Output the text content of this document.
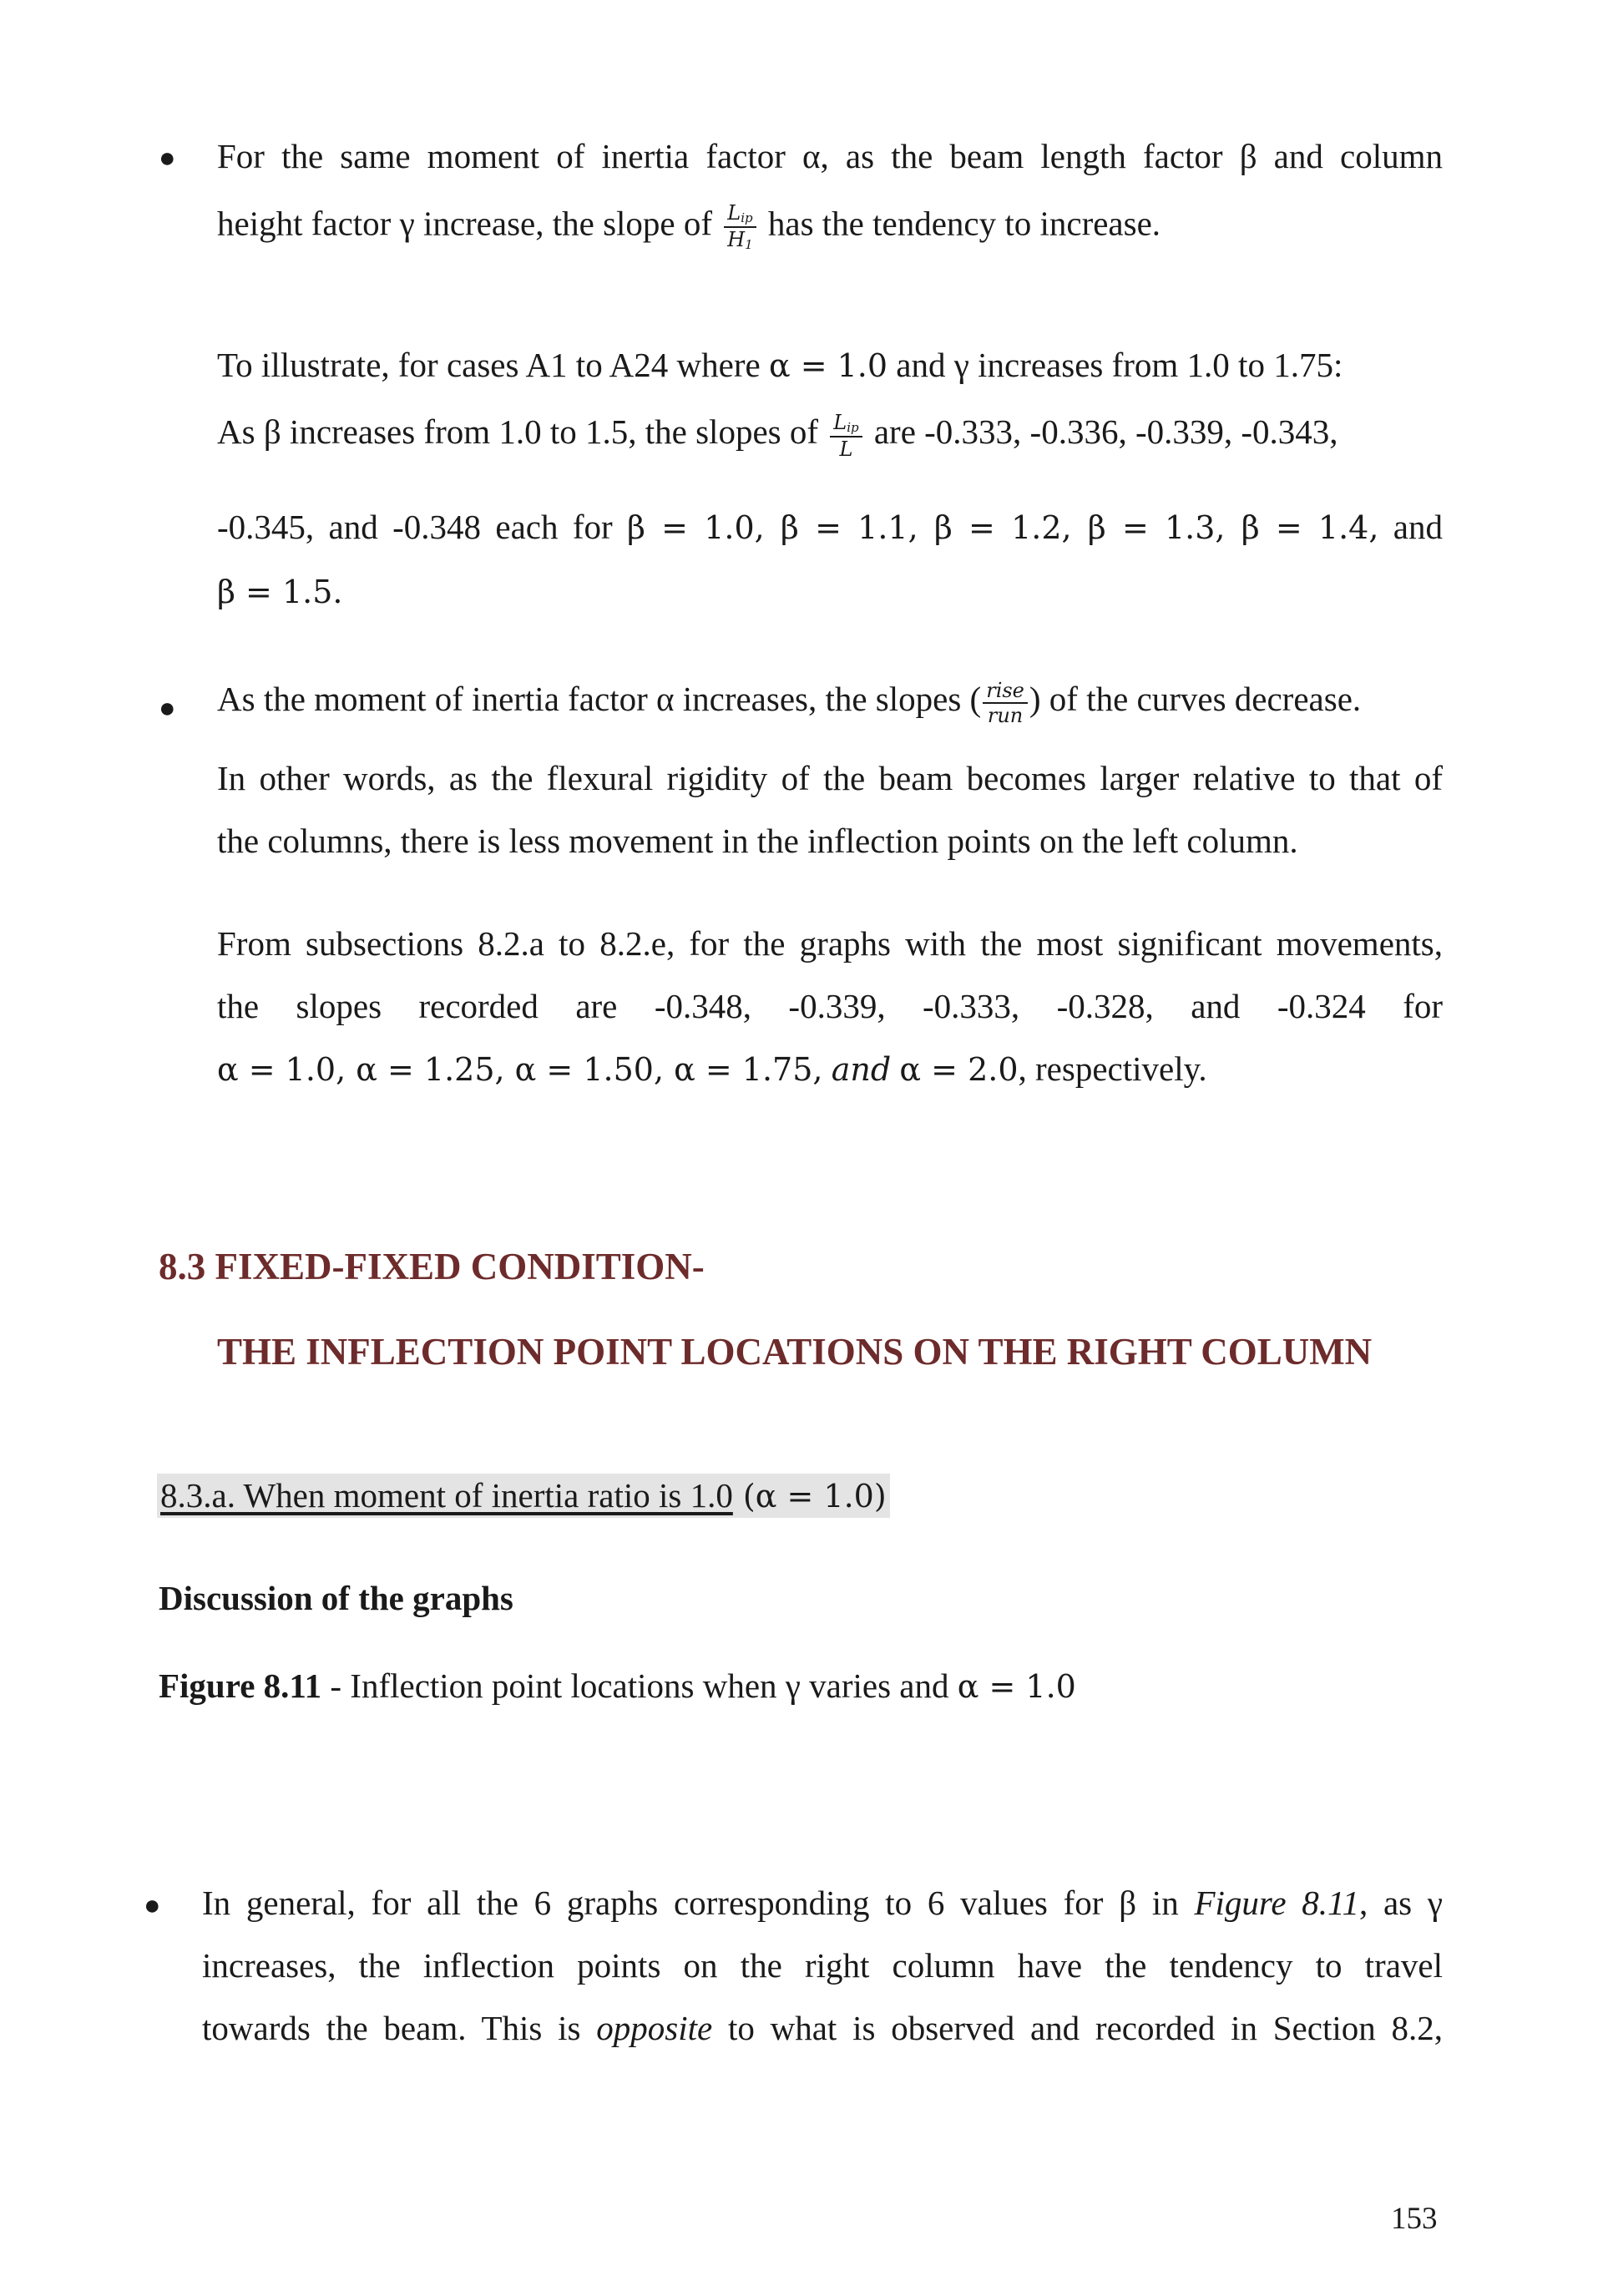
● For the same moment of inertia factor α, as the beam length factor β and column
height factor γ increase, the slope of $\frac{L_{ip}}{H_1}$ has the tendency to increase.
To illustrate, for cases A1 to A24 where α = 1.0 and γ increases from 1.0 to 1.75:
As β increases from 1.0 to 1.5, the slopes of $\frac{L_{ip}}{L}$ are -0.333, -0.336, -0.339, -0.343,
-0.345, and -0.348 each for β = 1.0, β = 1.1, β = 1.2, β = 1.3, β = 1.4, and
β = 1.5.
● As the moment of inertia factor α increases, the slopes ( $\frac{\text{rise}}{\text{run}}$ ) of the curves decrease.
In other words, as the flexural rigidity of the beam becomes larger relative to that of
the columns, there is less movement in the inflection points on the left column.
From subsections 8.2.a to 8.2.e, for the graphs with the most significant movements,
the slopes recorded are -0.348, -0.339, -0.333, -0.328, and -0.324 for
α = 1.0, α = 1.25, α = 1.50, α = 1.75, and α = 2.0, respectively.
8.3 FIXED-FIXED CONDITION-
THE INFLECTION POINT LOCATIONS ON THE RIGHT COLUMN
8.3.a. When moment of inertia ratio is 1.0 (α = 1.0)
Discussion of the graphs
Figure 8.11 - Inflection point locations when γ varies and α = 1.0
● In general, for all the 6 graphs corresponding to 6 values for β in Figure 8.11, as γ
increases, the inflection points on the right column have the tendency to travel
towards the beam. This is opposite to what is observed and recorded in Section 8.2,
153
